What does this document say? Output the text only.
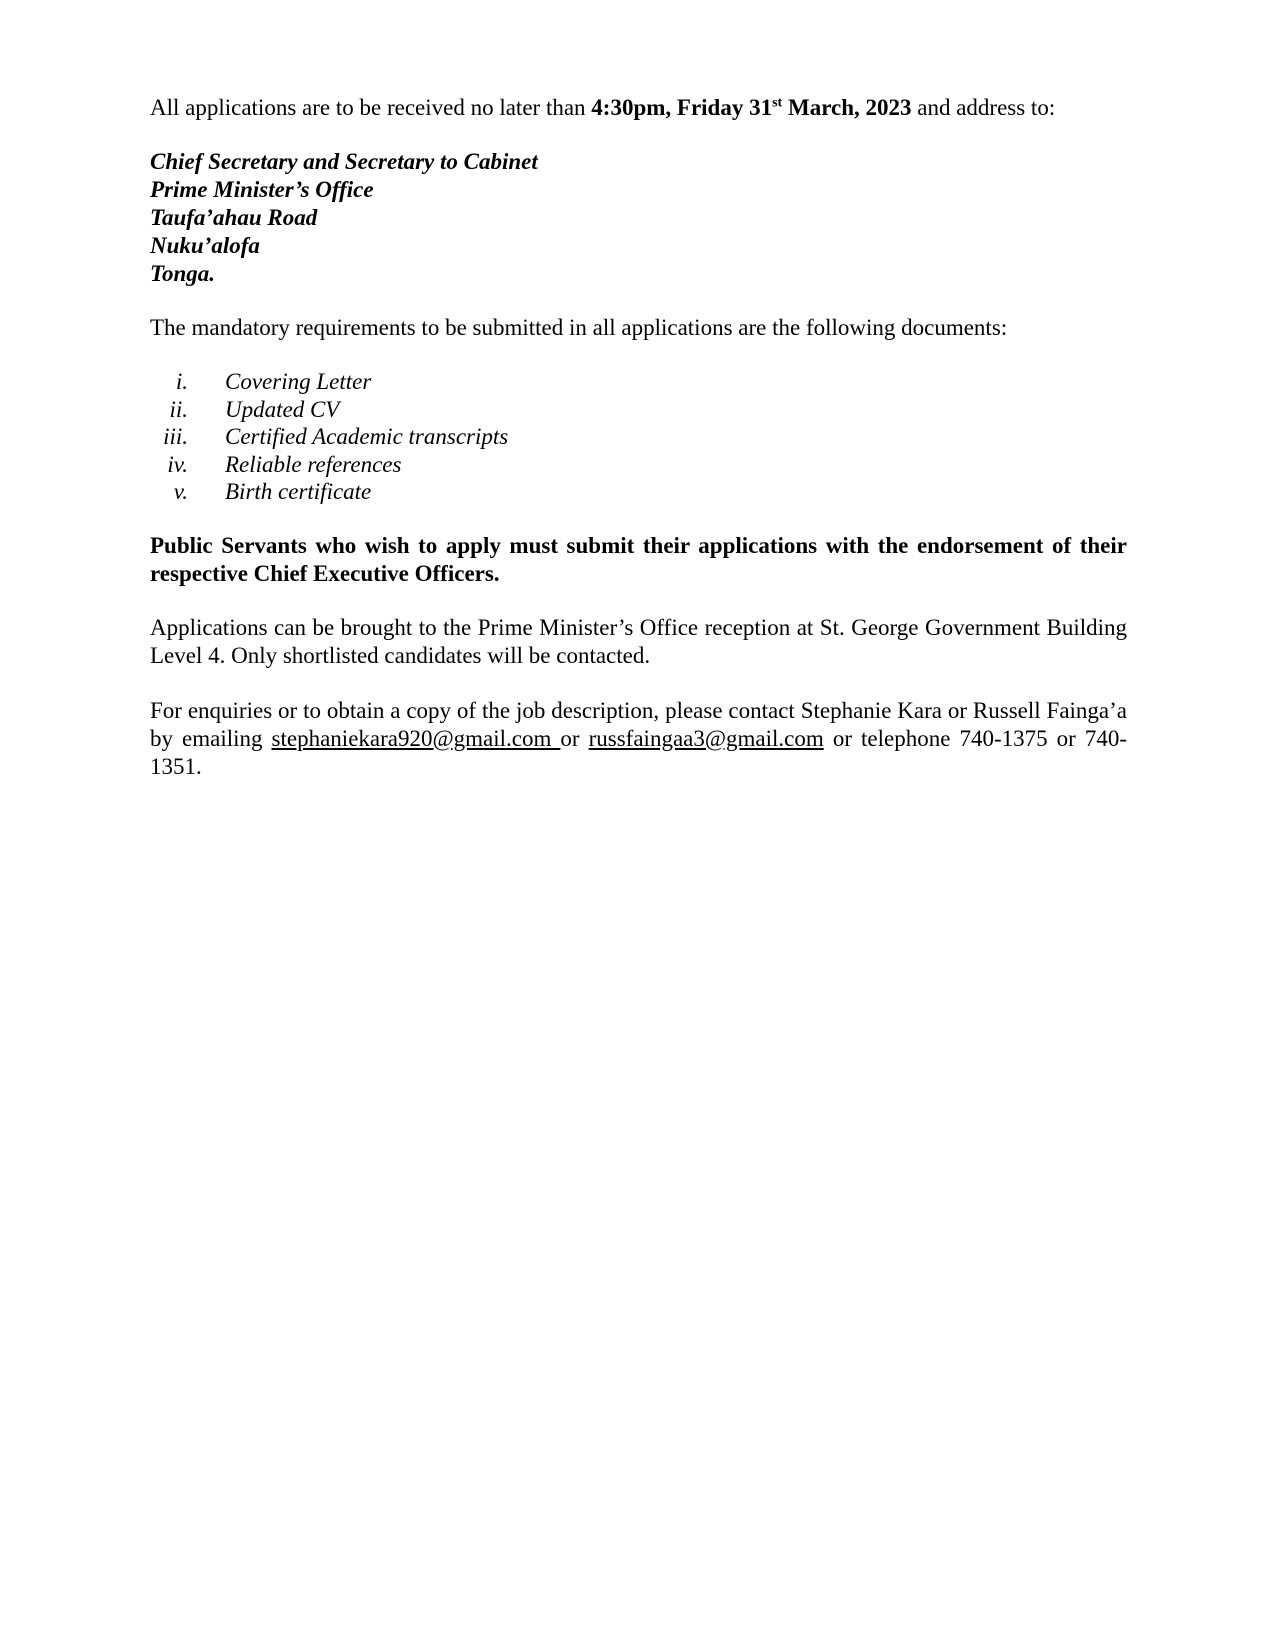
All applications are to be received no later than 4:30pm, Friday 31st March, 2023 and address to:

Chief Secretary and Secretary to Cabinet
Prime Minister’s Office
Taufa’ahau Road
Nuku’alofa
Tonga.

The mandatory requirements to be submitted in all applications are the following documents:

i. Covering Letter
ii. Updated CV
iii. Certified Academic transcripts
iv. Reliable references
v. Birth certificate

Public Servants who wish to apply must submit their applications with the endorsement of their respective Chief Executive Officers.

Applications can be brought to the Prime Minister’s Office reception at St. George Government Building Level 4. Only shortlisted candidates will be contacted.

For enquiries or to obtain a copy of the job description, please contact Stephanie Kara or Russell Fainga’a by emailing stephaniekara920@gmail.com or russfaingaa3@gmail.com or telephone 740-1375 or 740-1351.
